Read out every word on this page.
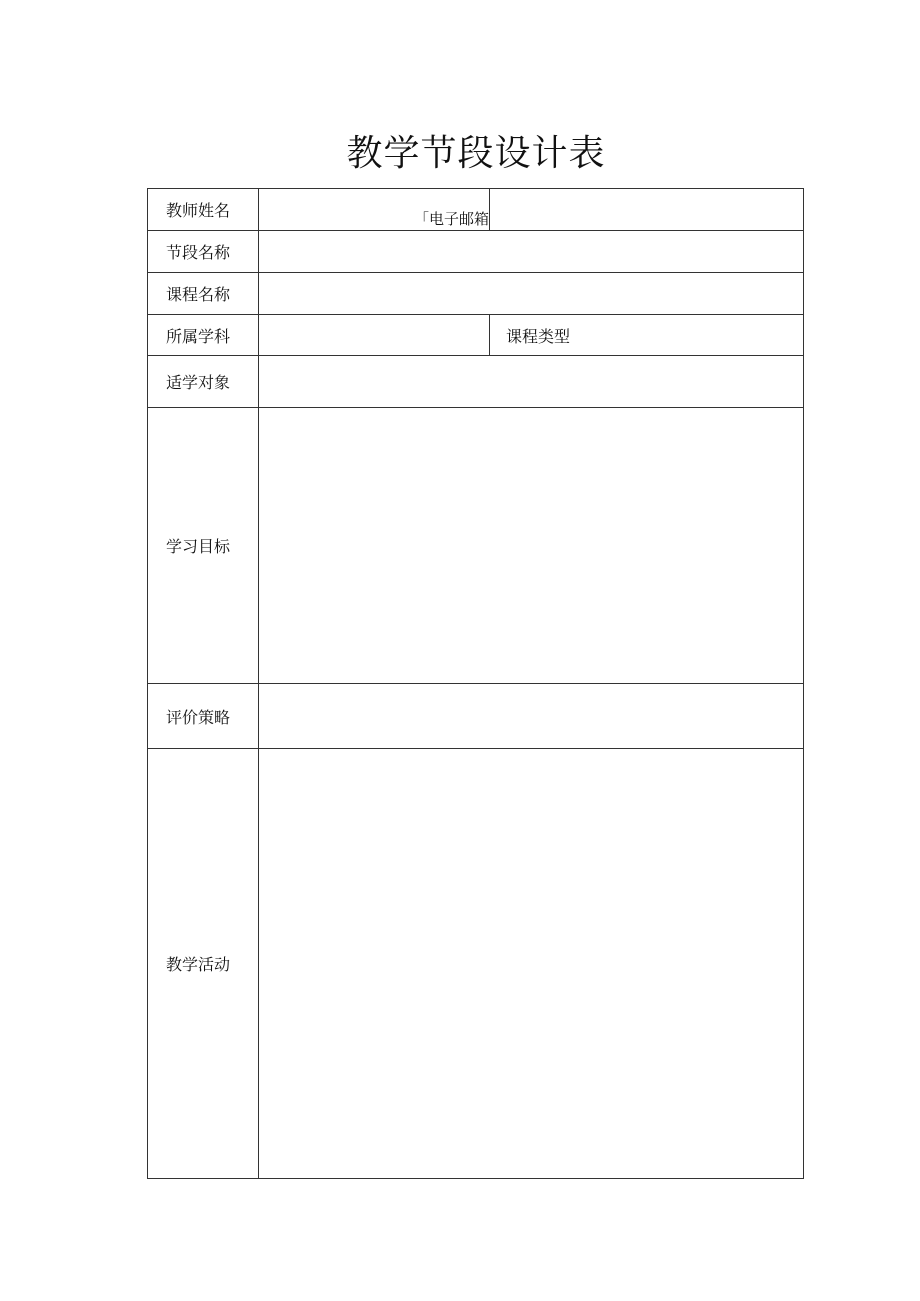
教学节段设计表
教师姓名	「电子邮箱	
节段名称		
课程名称		
所属学科		课程类型
适学对象		
学习目标		
评价策略		
教学活动		
